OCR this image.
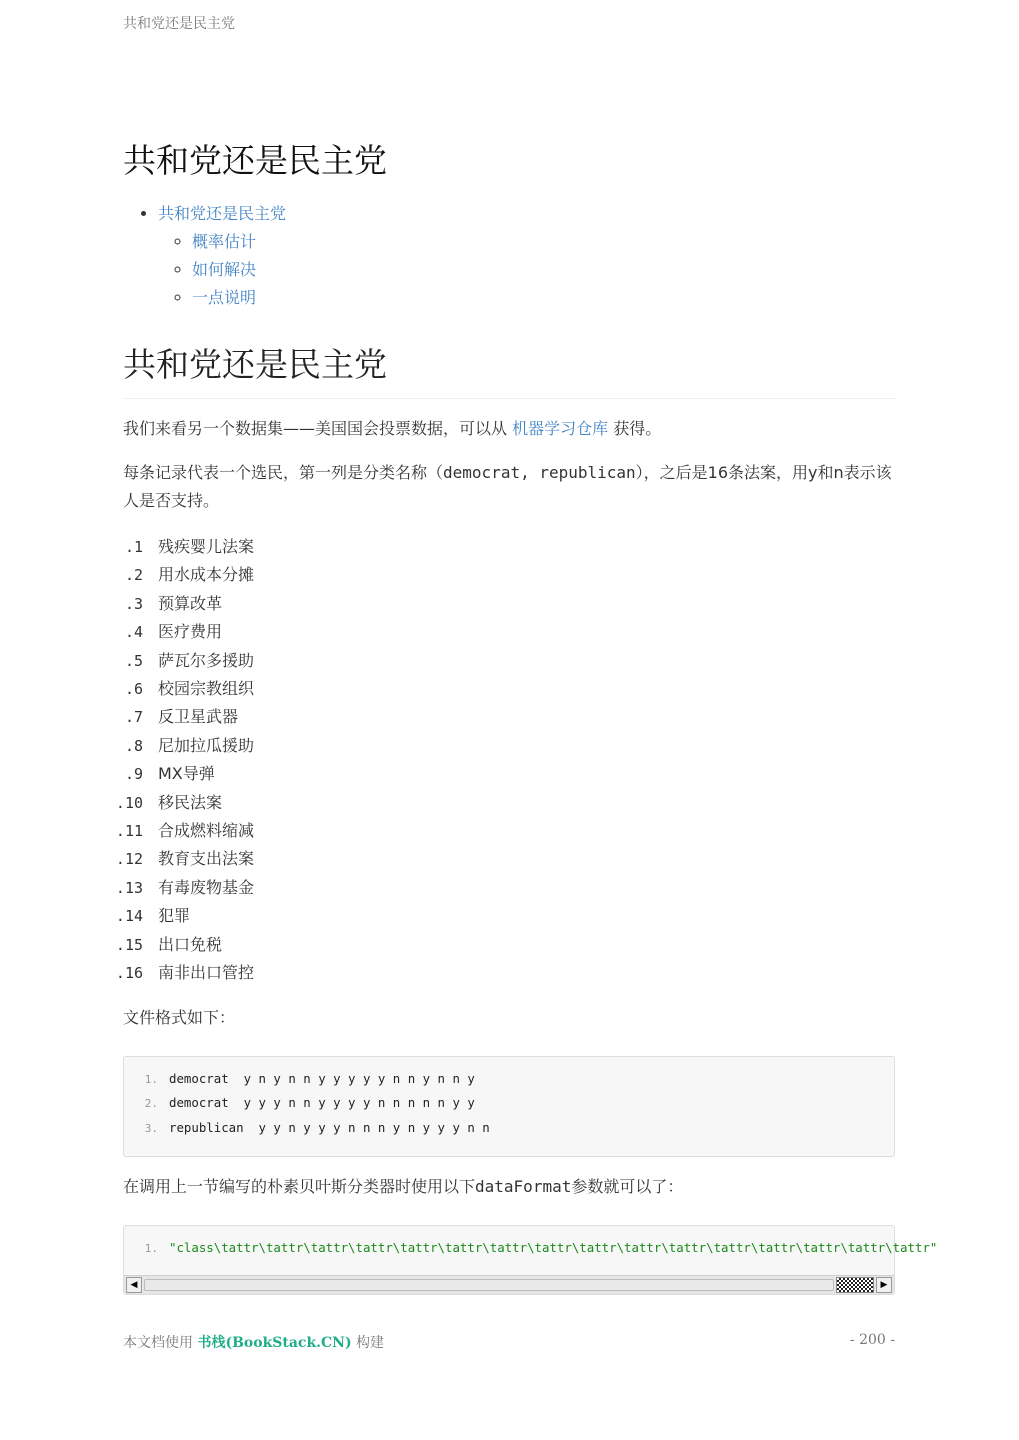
共和党还是民主党
共和党还是民主党
• 共和党还是民主党
◦ 概率估计
◦ 如何解决
◦ 一点说明
共和党还是民主党

我们来看另一个数据集——美国国会投票数据，可以从 机器学习仓库 获得。

每条记录代表一个选民，第一列是分类名称（democrat, republican），之后是16条法案，用y和n表示该人是否支持。

1. 残疾婴儿法案
2. 用水成本分摊
3. 预算改革
4. 医疗费用
5. 萨瓦尔多援助
6. 校园宗教组织
7. 反卫星武器
8. 尼加拉瓜援助
9. MX导弹
10. 移民法案
11. 合成燃料缩减
12. 教育支出法案
13. 有毒废物基金
14. 犯罪
15. 出口免税
16. 南非出口管控

文件格式如下：

1. democrat  y n y n n y y y y y n n y n n y
2. democrat  y y y n n y y y y n n n n n y y
3. republican  y y n y y y n n n y n y y y n n

在调用上一节编写的朴素贝叶斯分类器时使用以下dataFormat参数就可以了：

◀	▶
1. "class\tattr\tattr\tattr\tattr\tattr\tattr\tattr\tattr\tattr\tattr\tattr\tattr\tattr\tattr\tattr\tattr"
本文档使用 书栈(BookStack.CN) 构建	- 200 -
